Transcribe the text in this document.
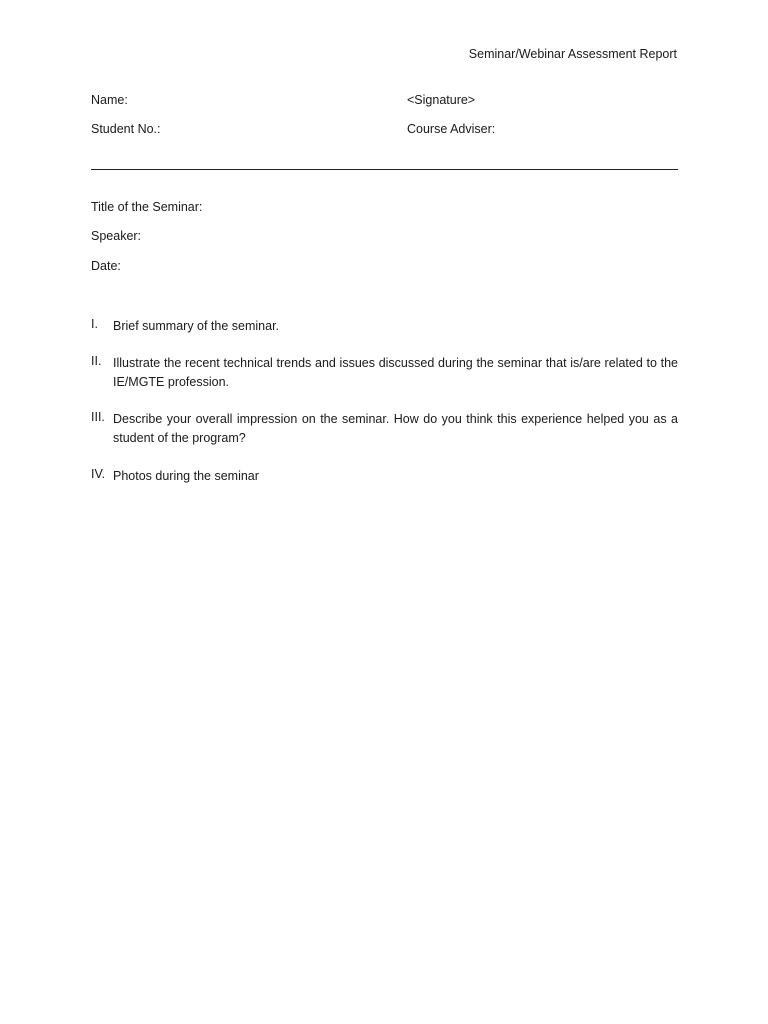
Seminar/Webinar Assessment Report
Name:	<Signature>
Student No.:	Course Adviser:
Title of the Seminar:
Speaker:
Date:
I.	Brief summary of the seminar.
II. Illustrate the recent technical trends and issues discussed during the seminar that is/are related to the IE/MGTE profession.
III. Describe your overall impression on the seminar. How do you think this experience helped you as a student of the program?
IV. Photos during the seminar
